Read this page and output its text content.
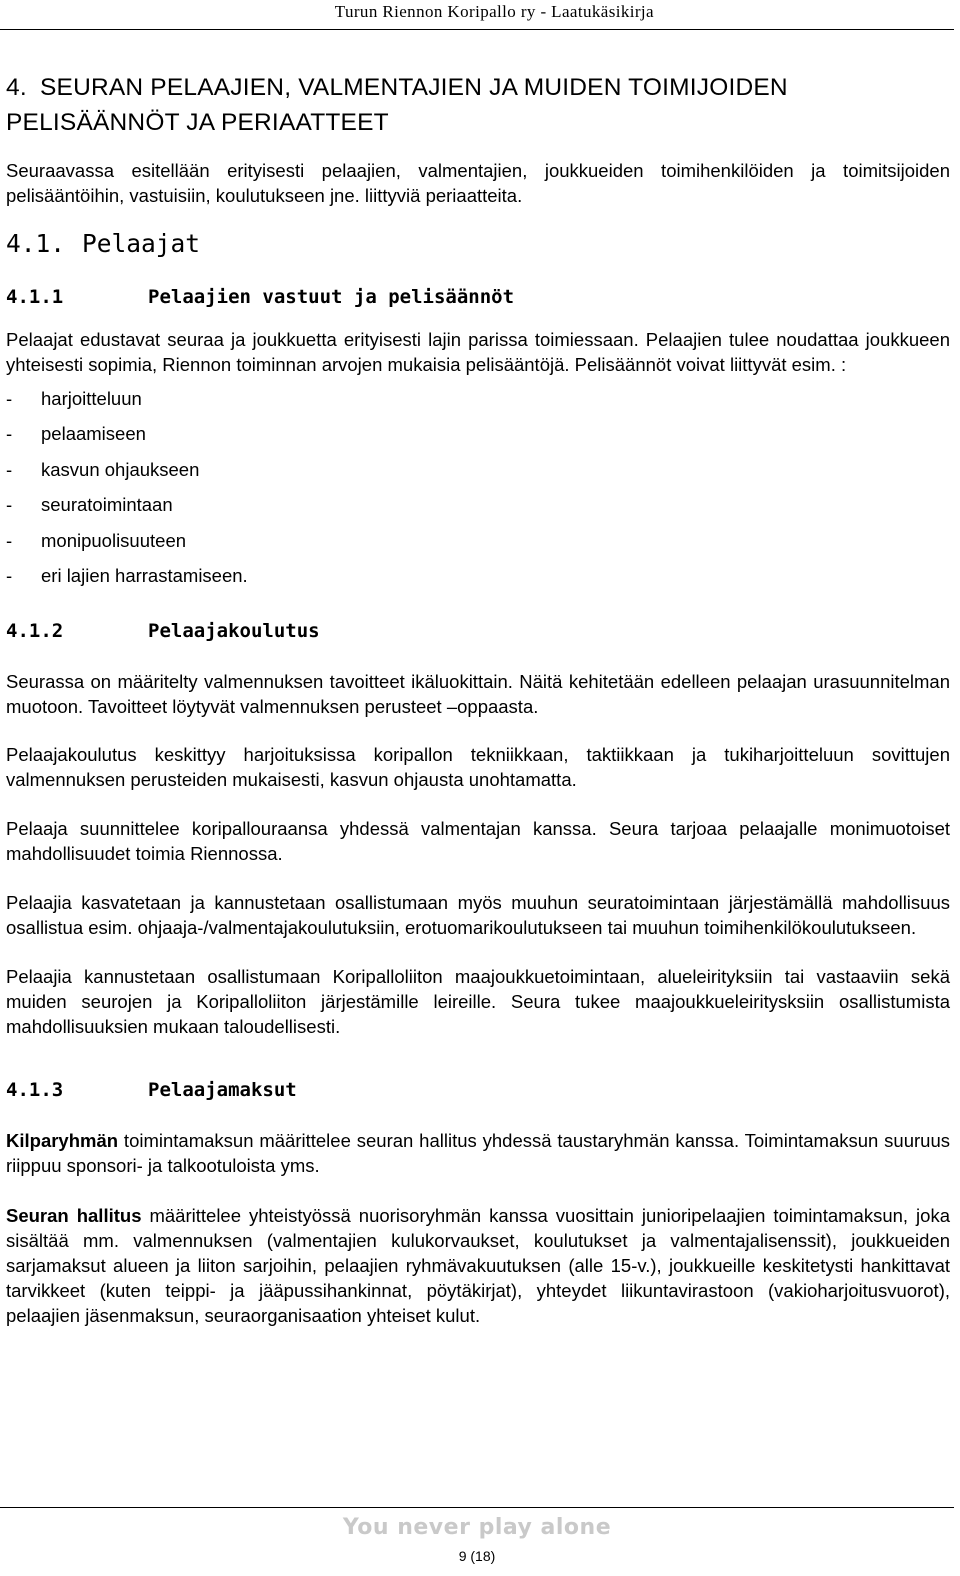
Turun Riennon Koripallo ry - Laatukäsikirja
4. SEURAN PELAAJIEN, VALMENTAJIEN JA MUIDEN TOIMIJOIDEN
PELISÄÄNNÖT JA PERIAATTEET

Seuraavassa esitellään erityisesti pelaajien, valmentajien, joukkueiden toimihenkilöiden ja toimitsijoiden pelisääntöihin, vastuisiin, koulutukseen jne. liittyviä periaatteita.

4.1. Pelaajat
4.1.1	Pelaajien vastuut ja pelisäännöt

Pelaajat edustavat seuraa ja joukkuetta erityisesti lajin parissa toimiessaan. Pelaajien tulee noudattaa joukkueen yhteisesti sopimia, Riennon toiminnan arvojen mukaisia pelisääntöjä. Pelisäännöt voivat liittyvät esim. :

-	harjoitteluun
-	pelaamiseen
-	kasvun ohjaukseen
-	seuratoimintaan
-	monipuolisuuteen
-	eri lajien harrastamiseen.
4.1.2	Pelaajakoulutus

Seurassa on määritelty valmennuksen tavoitteet ikäluokittain. Näitä kehitetään edelleen pelaajan urasuunnitelman muotoon. Tavoitteet löytyvät valmennuksen perusteet –oppaasta.

Pelaajakoulutus keskittyy harjoituksissa koripallon tekniikkaan, taktiikkaan ja tukiharjoitteluun sovittujen valmennuksen perusteiden mukaisesti, kasvun ohjausta unohtamatta.

Pelaaja suunnittelee koripallouraansa yhdessä valmentajan kanssa. Seura tarjoaa pelaajalle monimuotoiset mahdollisuudet toimia Riennossa.

Pelaajia kasvatetaan ja kannustetaan osallistumaan myös muuhun seuratoimintaan järjestämällä mahdollisuus osallistua esim. ohjaaja-/valmentajakoulutuksiin, erotuomarikoulutukseen tai muuhun toimihenkilökoulutukseen.

Pelaajia kannustetaan osallistumaan Koripalloliiton maajoukkuetoimintaan, alueleirityksiin tai vastaaviin sekä muiden seurojen ja Koripalloliiton järjestämille leireille. Seura tukee maajoukkueleiritysksiin osallistumista mahdollisuuksien mukaan taloudellisesti.

4.1.3	Pelaajamaksut

Kilparyhmän toimintamaksun määrittelee seuran hallitus yhdessä taustaryhmän kanssa. Toimintamaksun suuruus riippuu sponsori- ja talkootuloista yms.

Seuran hallitus määrittelee yhteistyössä nuorisoryhmän kanssa vuosittain junioripelaajien toimintamaksun, joka sisältää mm. valmennuksen (valmentajien kulukorvaukset, koulutukset ja valmentajalisenssit), joukkueiden sarjamaksut alueen ja liiton sarjoihin, pelaajien ryhmävakuutuksen (alle 15-v.), joukkueille keskitetysti hankittavat tarvikkeet (kuten teippi- ja jääpussihankinnat, pöytäkirjat), yhteydet liikuntavirastoon (vakioharjoitusvuorot), pelaajien jäsenmaksun, seuraorganisaation yhteiset kulut.

You never play alone
9 (18)
